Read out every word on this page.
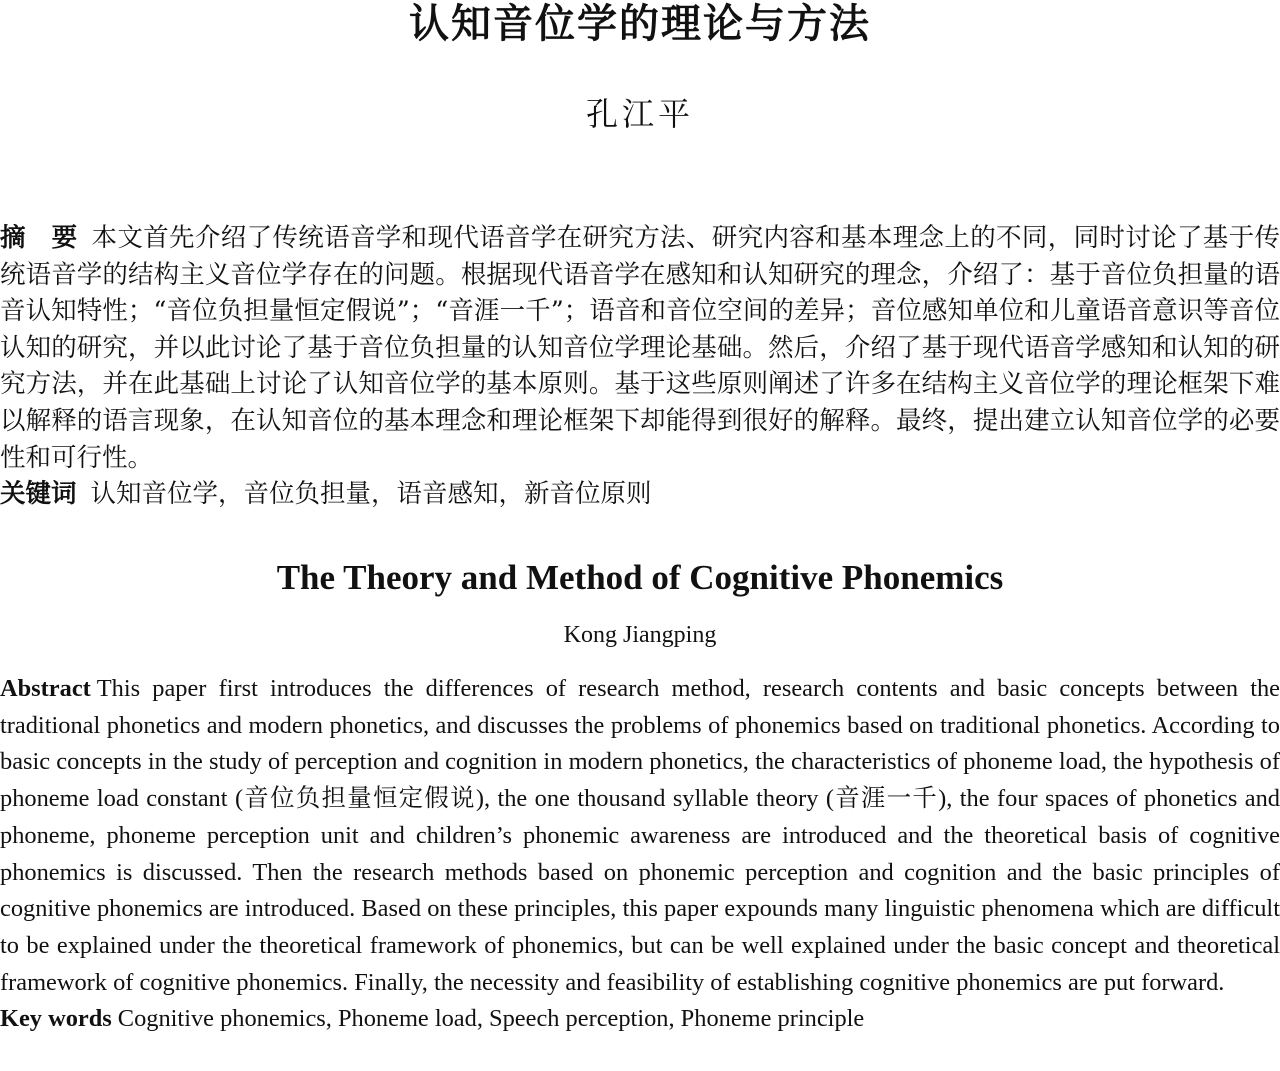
认知音位学的理论与方法
孔江平

摘　要 本文首先介绍了传统语音学和现代语音学在研究方法、研究内容和基本理念上的不同，同时讨论了基于传统语音学的结构主义音位学存在的问题。根据现代语音学在感知和认知研究的理念，介绍了：基于音位负担量的语音认知特性；“音位负担量恒定假说”；“音涯一千”；语音和音位空间的差异；音位感知单位和儿童语音意识等音位认知的研究，并以此讨论了基于音位负担量的认知音位学理论基础。然后，介绍了基于现代语音学感知和认知的研究方法，并在此基础上讨论了认知音位学的基本原则。基于这些原则阐述了许多在结构主义音位学的理论框架下难以解释的语言现象，在认知音位的基本理念和理论框架下却能得到很好的解释。最终，提出建立认知音位学的必要性和可行性。

关键词 认知音位学，音位负担量，语音感知，新音位原则

The Theory and Method of Cognitive Phonemics
Kong Jiangping

Abstract This paper first introduces the differences of research method, research contents and basic concepts between the traditional phonetics and modern phonetics, and discusses the problems of phonemics based on traditional phonetics. According to basic concepts in the study of perception and cognition in modern phonetics, the characteristics of phoneme load, the hypothesis of phoneme load constant (音位负担量恒定假说), the one thousand syllable theory (音涯一千), the four spaces of phonetics and phoneme, phoneme perception unit and children’s phonemic awareness are introduced and the theoretical basis of cognitive phonemics is discussed. Then the research methods based on phonemic perception and cognition and the basic principles of cognitive phonemics are introduced. Based on these principles, this paper expounds many linguistic phenomena which are difficult to be explained under the theoretical framework of phonemics, but can be well explained under the basic concept and theoretical framework of cognitive phonemics. Finally, the necessity and feasibility of establishing cognitive phonemics are put forward.

Key words Cognitive phonemics, Phoneme load, Speech perception, Phoneme principle
